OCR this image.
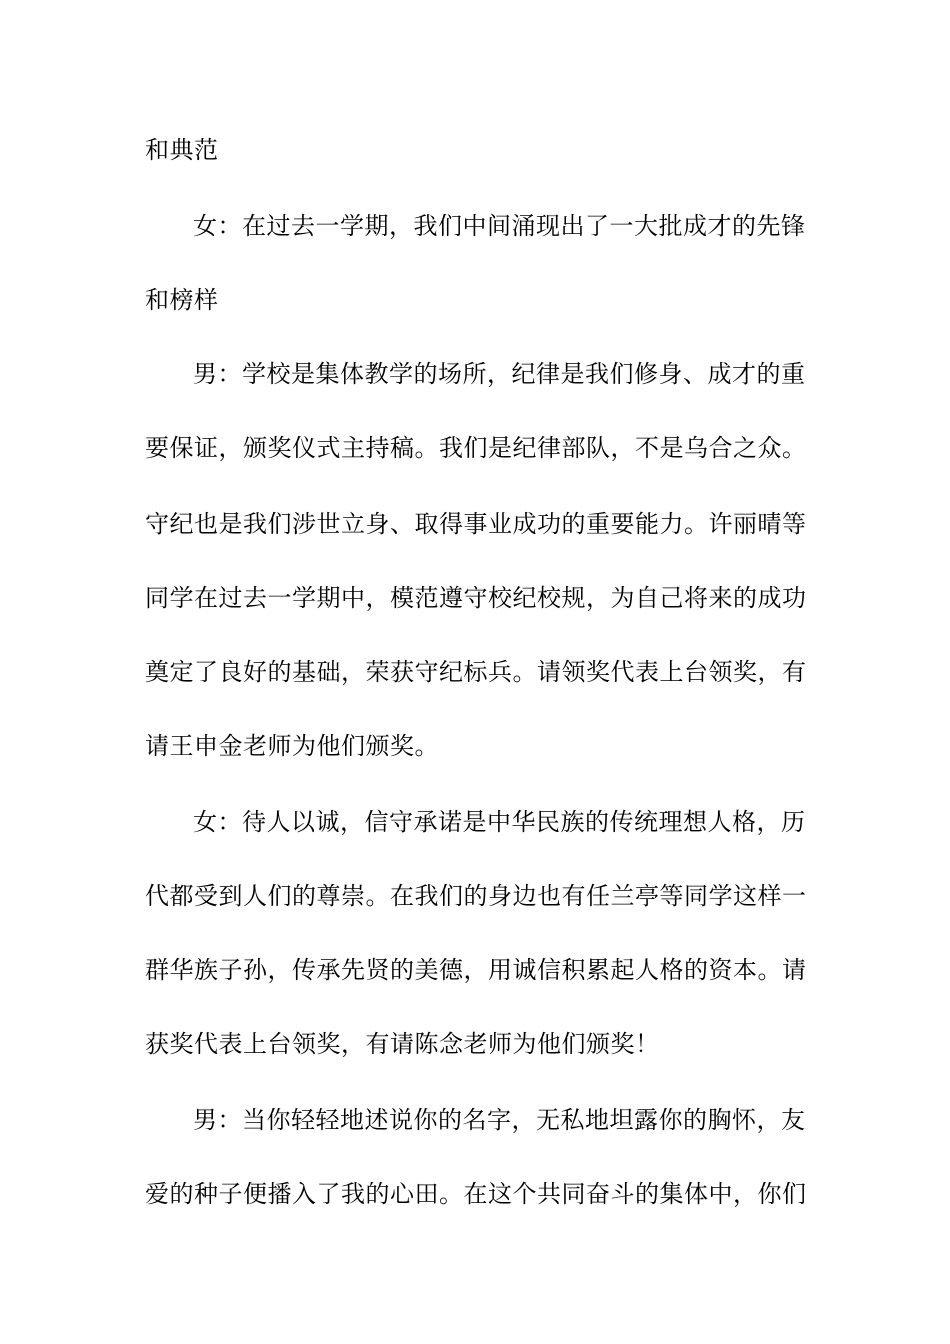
和典范
女：在过去一学期，我们中间涌现出了一大批成才的先锋
和榜样
男：学校是集体教学的场所，纪律是我们修身、成才的重
要保证，颁奖仪式主持稿。我们是纪律部队，不是乌合之众。
守纪也是我们涉世立身、取得事业成功的重要能力。许丽晴等
同学在过去一学期中，模范遵守校纪校规，为自己将来的成功
奠定了良好的基础，荣获守纪标兵。请领奖代表上台领奖，有
请王申金老师为他们颁奖。
女：待人以诚，信守承诺是中华民族的传统理想人格，历
代都受到人们的尊崇。在我们的身边也有任兰亭等同学这样一
群华族子孙，传承先贤的美德，用诚信积累起人格的资本。请
获奖代表上台领奖，有请陈念老师为他们颁奖！
男：当你轻轻地述说你的名字，无私地坦露你的胸怀，友
爱的种子便播入了我的心田。在这个共同奋斗的集体中，你们
